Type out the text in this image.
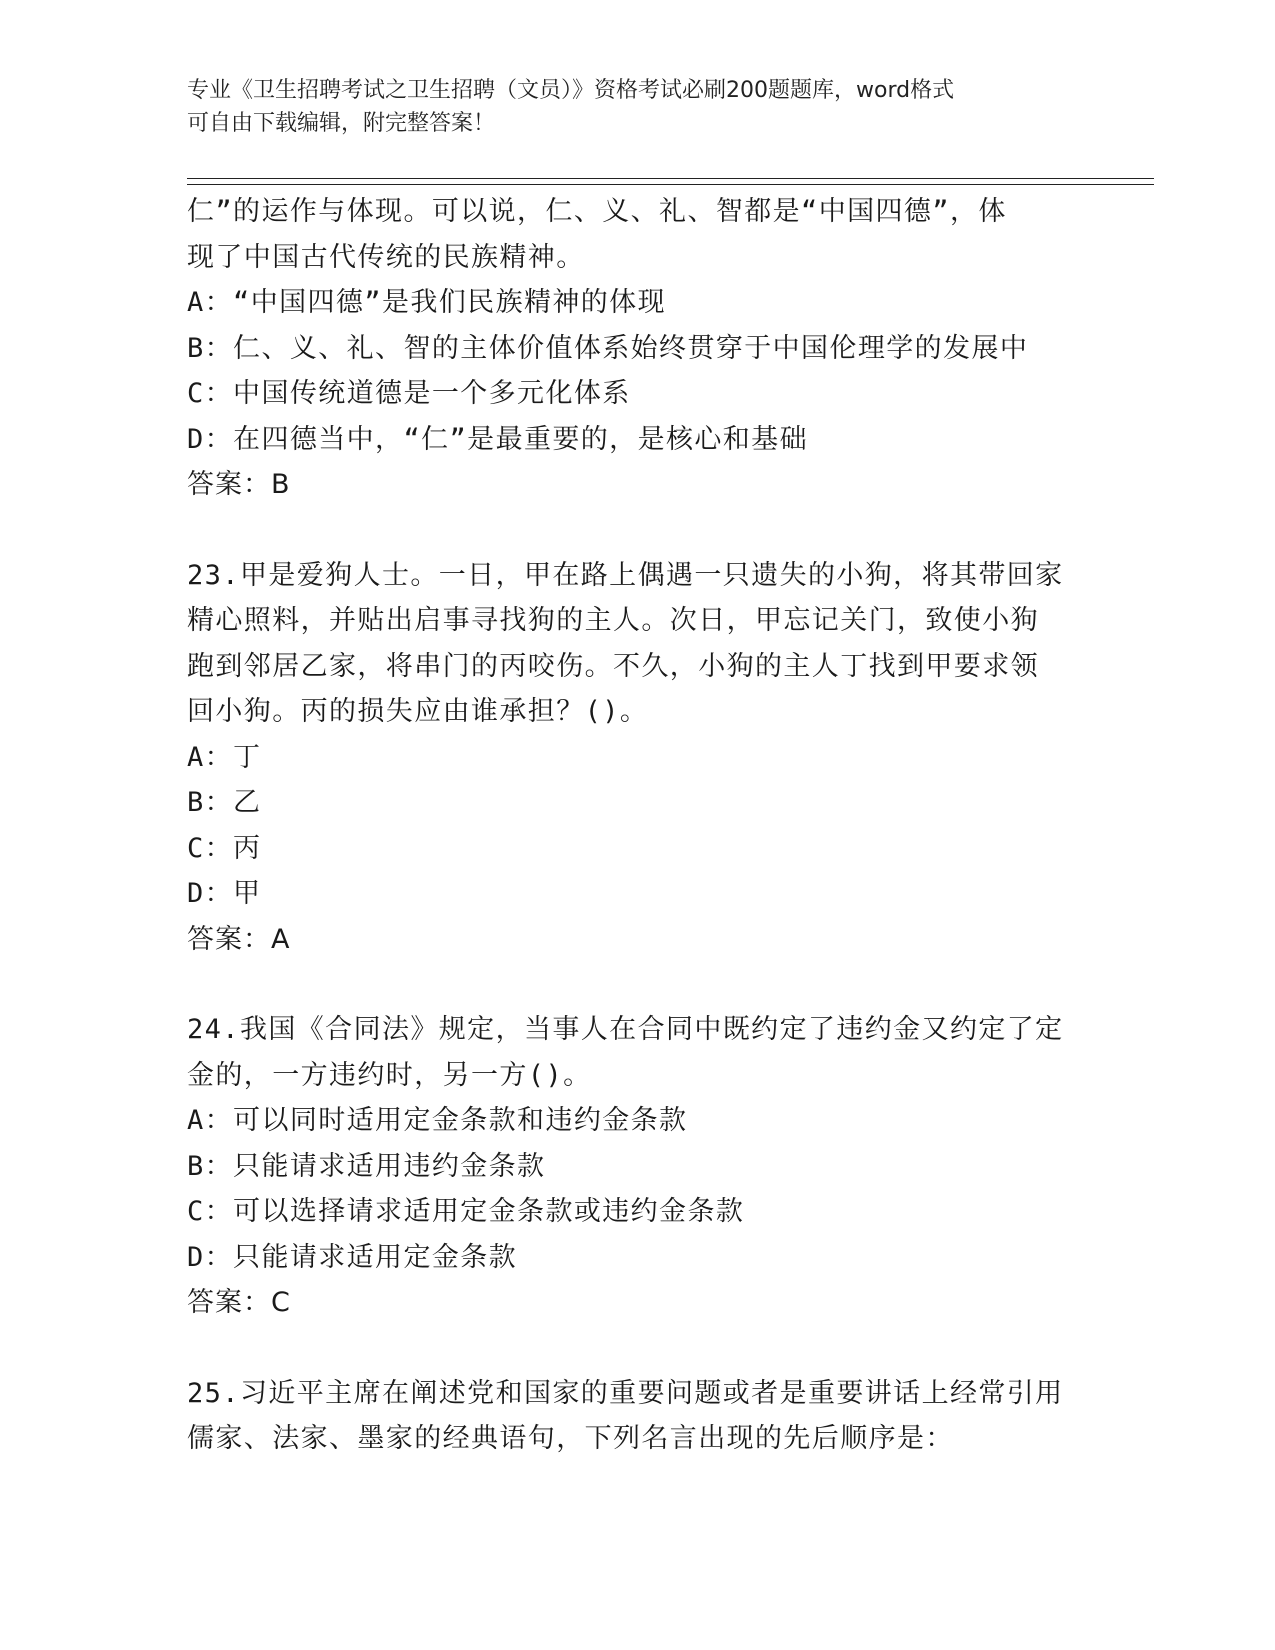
专业《卫生招聘考试之卫生招聘（文员）》资格考试必刷200题题库，word格式
可自由下载编辑，附完整答案！
仁”的运作与体现。可以说，仁、义、礼、智都是“中国四德”，体
现了中国古代传统的民族精神。
A：“中国四德”是我们民族精神的体现
B：仁、义、礼、智的主体价值体系始终贯穿于中国伦理学的发展中
C：中国传统道德是一个多元化体系
D：在四德当中，“仁”是最重要的，是核心和基础
答案：B
23.甲是爱狗人士。一日，甲在路上偶遇一只遗失的小狗，将其带回家
精心照料，并贴出启事寻找狗的主人。次日，甲忘记关门，致使小狗
跑到邻居乙家，将串门的丙咬伤。不久，小狗的主人丁找到甲要求领
回小狗。丙的损失应由谁承担？()。
A：丁
B：乙
C：丙
D：甲
答案：A
24.我国《合同法》规定，当事人在合同中既约定了违约金又约定了定
金的，一方违约时，另一方()。
A：可以同时适用定金条款和违约金条款
B：只能请求适用违约金条款
C：可以选择请求适用定金条款或违约金条款
D：只能请求适用定金条款
答案：C
25.习近平主席在阐述党和国家的重要问题或者是重要讲话上经常引用
儒家、法家、墨家的经典语句，下列名言出现的先后顺序是：
